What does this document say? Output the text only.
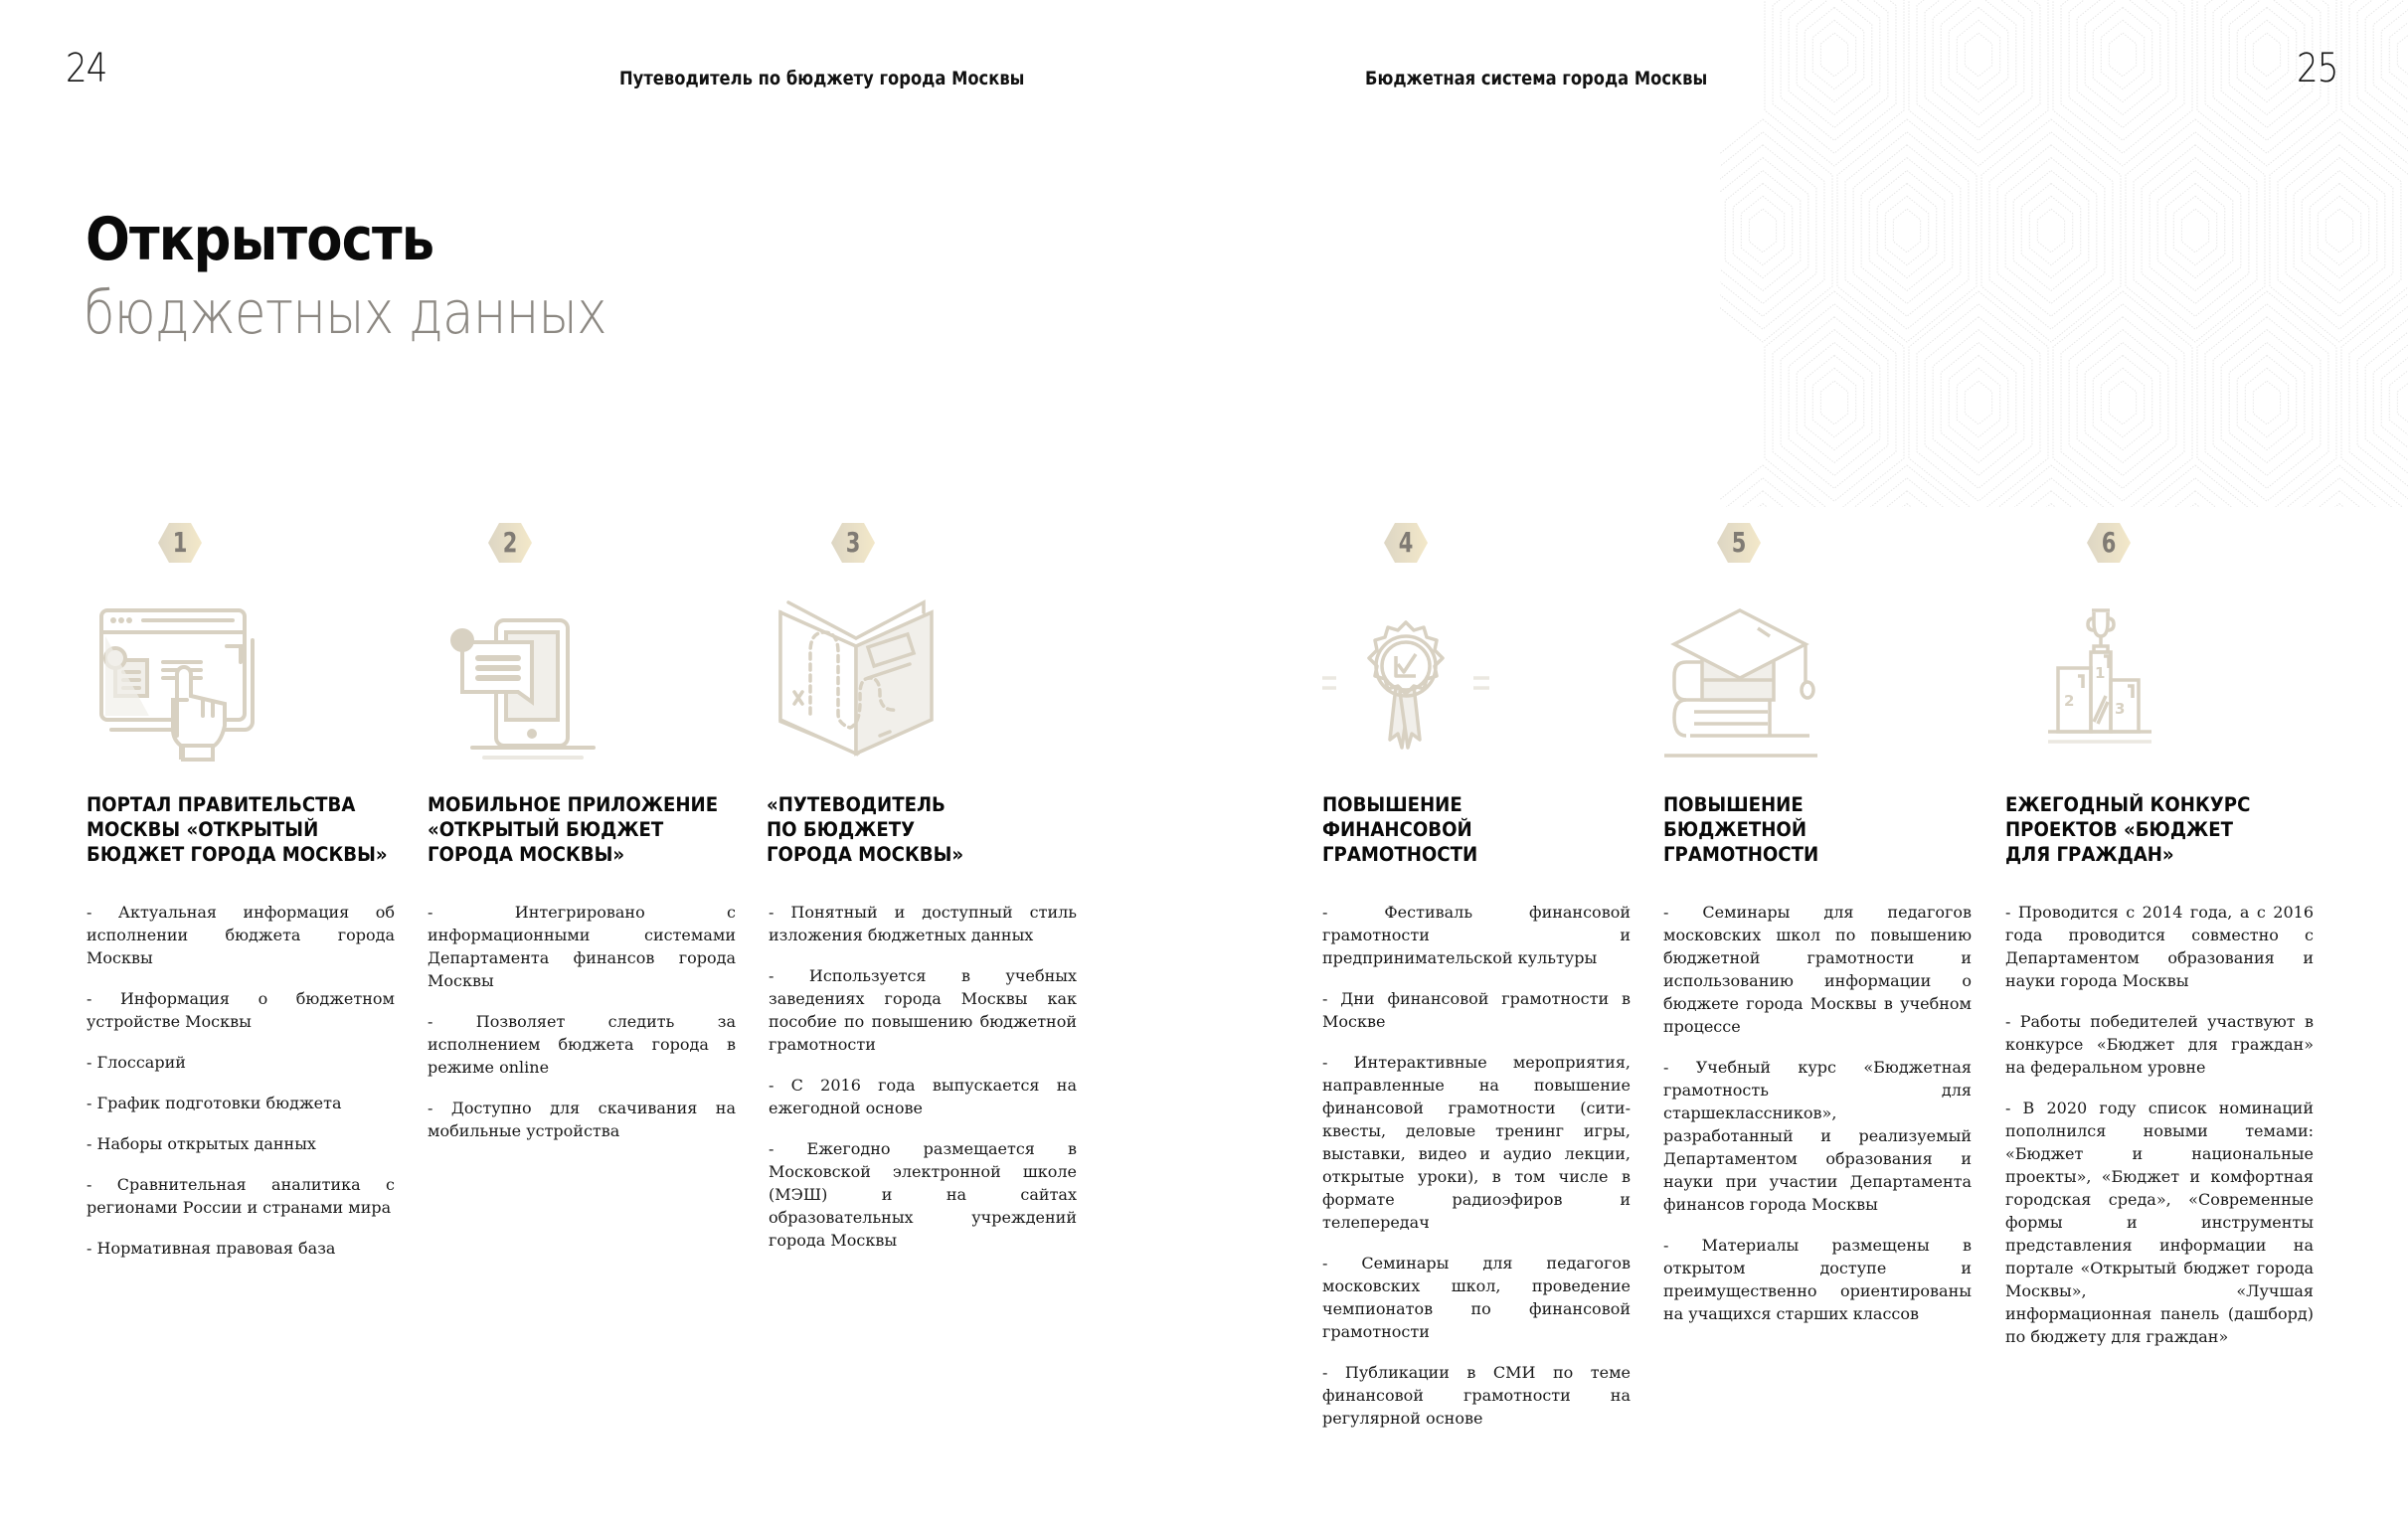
24	Путеводитель по бюджету города Москвы	Бюджетная система города Москвы	25
Открытость
бюджетных данных
1
ПОРТАЛ ПРАВИТЕЛЬСТВА
МОСКВЫ «ОТКРЫТЫЙ
БЮДЖЕТ ГОРОДА МОСКВЫ»

- Актуальная информация об исполнении бюджета города Москвы

- Информация о бюджетном устройстве Москвы

- Глоссарий

- График подготовки бюджета

- Наборы открытых данных

- Сравнительная аналитика с регионами России и странами мира

- Нормативная правовая база

2
МОБИЛЬНОЕ ПРИЛОЖЕНИЕ
«ОТКРЫТЫЙ БЮДЖЕТ
ГОРОДА МОСКВЫ»

- Интегрировано с информационными системами Департамента финансов города Москвы

- Позволяет следить за исполнением бюджета города в режиме online

- Доступно для скачивания на мобильные устройства

3
«ПУТЕВОДИТЕЛЬ
ПО БЮДЖЕТУ
ГОРОДА МОСКВЫ»

- Понятный и доступный стиль изложения бюджетных данных

- Используется в учебных заведениях города Москвы как пособие по повышению бюджетной грамотности

- С 2016 года выпускается на ежегодной основе

- Ежегодно размещается в Московской электронной школе (МЭШ) и на сайтах образовательных учреждений города Москвы

4
ПОВЫШЕНИЕ
ФИНАНСОВОЙ
ГРАМОТНОСТИ

- Фестиваль финансовой грамотности и предпринимательской культуры

- Дни финансовой грамотности в Москве

- Интерактивные мероприятия, направленные на повышение финансовой грамотности (сити-квесты, деловые тренинг игры, выставки, видео и аудио лекции, открытые уроки), в том числе в формате радиоэфиров и телепередач

- Семинары для педагогов московских школ, проведение чемпионатов по финансовой грамотности

- Публикации в СМИ по теме финансовой грамотности на регулярной основе

5
ПОВЫШЕНИЕ
БЮДЖЕТНОЙ
ГРАМОТНОСТИ

- Семинары для педагогов московских школ по повышению бюджетной грамотности и использованию информации о бюджете города Москвы в учебном процессе

- Учебный курс «Бюджетная грамотность для старшеклассников», разработанный и реализуемый Департаментом образования и науки при участии Департамента финансов города Москвы

- Материалы размещены в открытом доступе и преимущественно ориентированы на учащихся старших классов

6
2
1
3
ЕЖЕГОДНЫЙ КОНКУРС
ПРОЕКТОВ «БЮДЖЕТ
ДЛЯ ГРАЖДАН»

- Проводится с 2014 года, а с 2016 года проводится совместно с Департаментом образования и науки города Москвы

- Работы победителей участвуют в конкурсе «Бюджет для граждан» на федеральном уровне

- В 2020 году список номинаций пополнился новыми темами: «Бюджет и национальные проекты», «Бюджет и комфортная городская среда», «Современные формы и инструменты представления информации на портале «Открытый бюджет города Москвы», «Лучшая информационная панель (дашборд) по бюджету для граждан»
